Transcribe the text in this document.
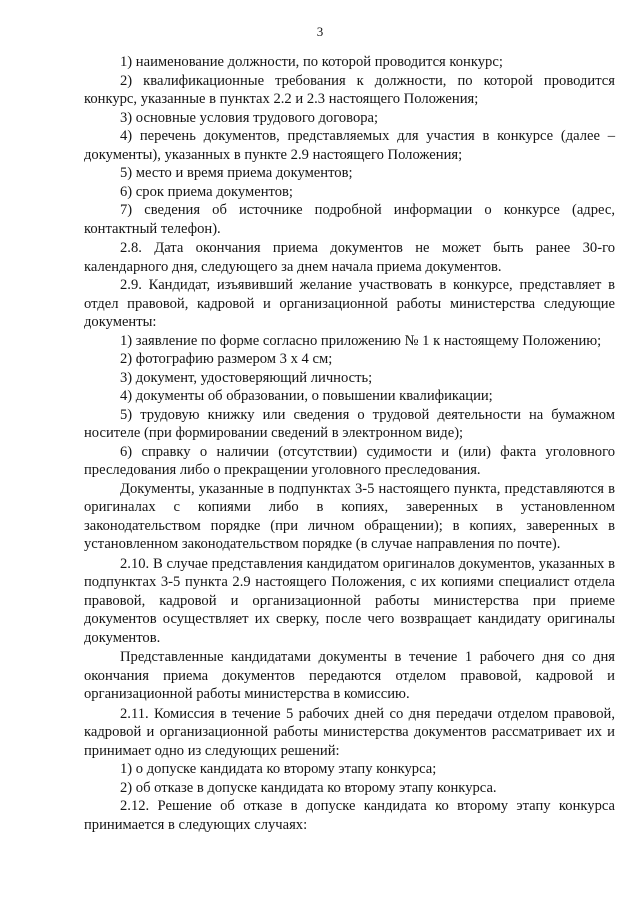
3

1) наименование должности, по которой проводится конкурс;

2) квалификационные требования к должности, по которой проводится конкурс, указанные в пунктах 2.2 и 2.3 настоящего Положения;

3) основные условия трудового договора;

4) перечень документов, представляемых для участия в конкурсе (далее – документы), указанных в пункте 2.9 настоящего Положения;

5) место и время приема документов;

6) срок приема документов;

7) сведения об источнике подробной информации о конкурсе (адрес, контактный телефон).

2.8. Дата окончания приема документов не может быть ранее 30-го календарного дня, следующего за днем начала приема документов.

2.9. Кандидат, изъявивший желание участвовать в конкурсе, представляет в отдел правовой, кадровой и организационной работы министерства следующие документы:

1) заявление по форме согласно приложению № 1 к настоящему Положению;

2) фотографию размером 3 х 4 см;

3) документ, удостоверяющий личность;

4) документы об образовании, о повышении квалификации;

5) трудовую книжку или сведения о трудовой деятельности на бумажном носителе (при формировании сведений в электронном виде);

6) справку о наличии (отсутствии) судимости и (или) факта уголовного преследования либо о прекращении уголовного преследования.

Документы, указанные в подпунктах 3-5 настоящего пункта, представляются в оригиналах с копиями либо в копиях, заверенных в установленном законодательством порядке (при личном обращении); в копиях, заверенных в установленном законодательством порядке (в случае направления по почте).

2.10. В случае представления кандидатом оригиналов документов, указанных в подпунктах 3-5 пункта 2.9 настоящего Положения, с их копиями специалист отдела правовой, кадровой и организационной работы министерства при приеме документов осуществляет их сверку, после чего возвращает кандидату оригиналы документов.

Представленные кандидатами документы в течение 1 рабочего дня со дня окончания приема документов передаются отделом правовой, кадровой и организационной работы министерства в комиссию.

2.11. Комиссия в течение 5 рабочих дней со дня передачи отделом правовой, кадровой и организационной работы министерства документов рассматривает их и принимает одно из следующих решений:

1) о допуске кандидата ко второму этапу конкурса;

2) об отказе в допуске кандидата ко второму этапу конкурса.

2.12. Решение об отказе в допуске кандидата ко второму этапу конкурса принимается в следующих случаях:
